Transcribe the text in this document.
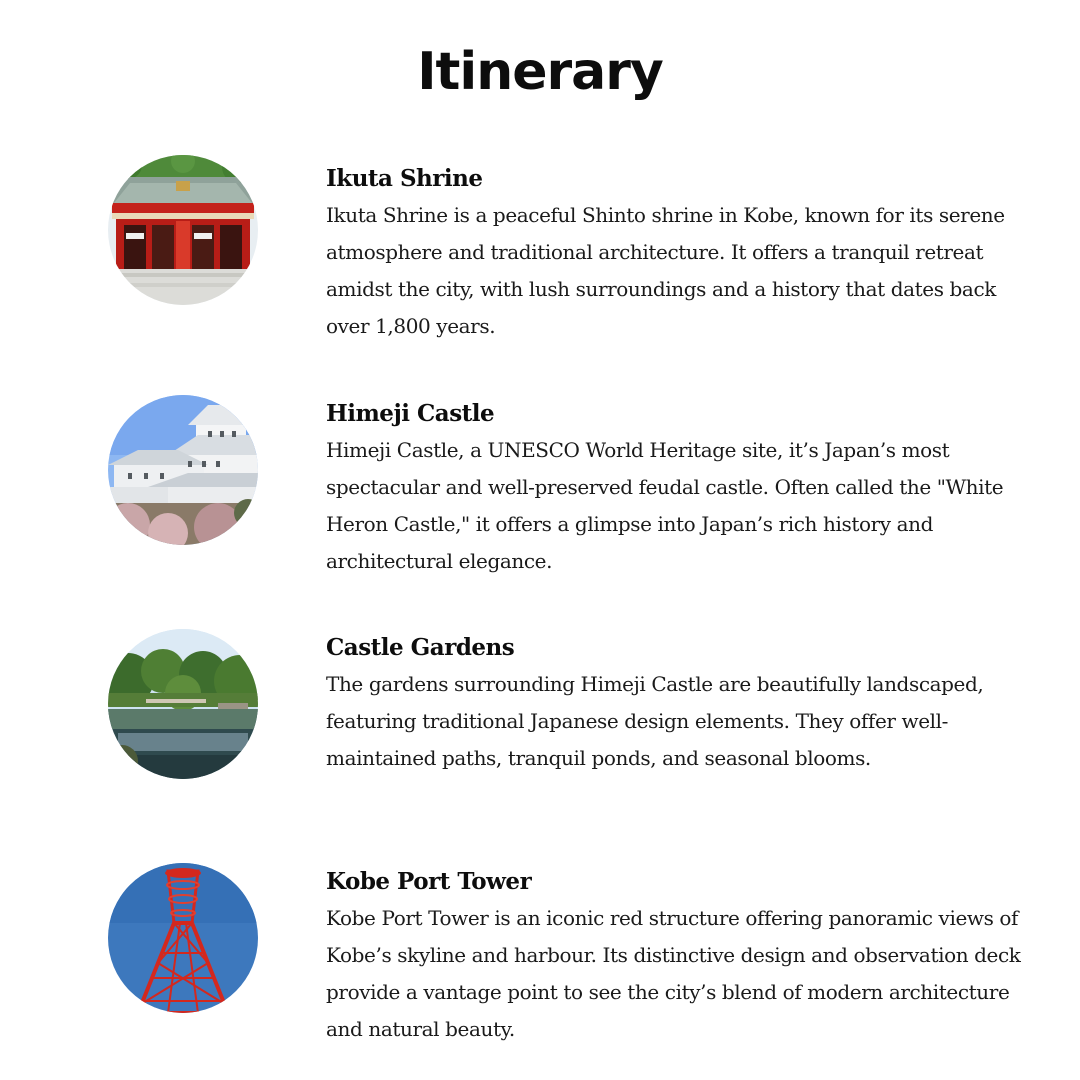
Itinerary

Ikuta Shrine

Ikuta Shrine is a peaceful Shinto shrine in Kobe, known for its serene atmosphere and traditional architecture. It offers a tranquil retreat amidst the city, with lush surroundings and a history that dates back over 1,800 years.

Himeji Castle

Himeji Castle, a UNESCO World Heritage site, it’s Japan’s most spectacular and well-preserved feudal castle. Often called the "White Heron Castle," it offers a glimpse into Japan’s rich history and architectural elegance.

Castle Gardens

The gardens surrounding Himeji Castle are beautifully landscaped, featuring traditional Japanese design elements. They offer well-maintained paths, tranquil ponds, and seasonal blooms.

Kobe Port Tower

Kobe Port Tower is an iconic red structure offering panoramic views of Kobe’s skyline and harbour. Its distinctive design and observation deck provide a vantage point to see the city’s blend of modern architecture and natural beauty.
